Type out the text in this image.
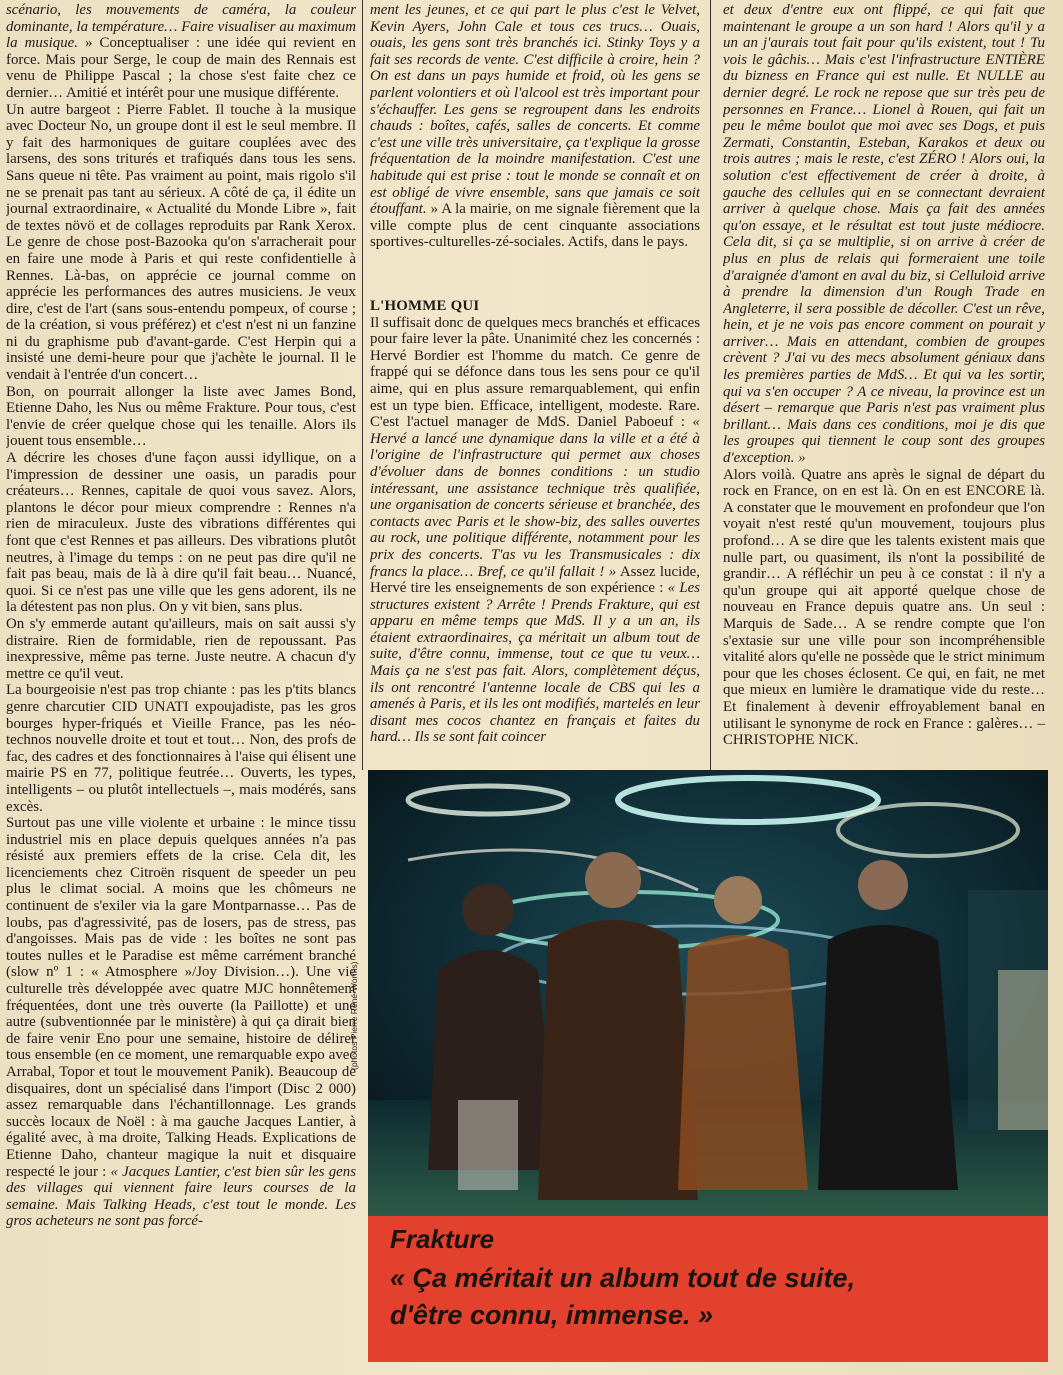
scénario, les mouvements de caméra, la couleur dominante, la température… Faire visualiser au maximum la musique. » Conceptualiser : une idée qui revient en force. Mais pour Serge, le coup de main des Rennais est venu de Philippe Pascal ; la chose s'est faite chez ce dernier… Amitié et intérêt pour une musique différente.

Un autre bargeot : Pierre Fablet. Il touche à la musique avec Docteur No, un groupe dont il est le seul membre. Il y fait des harmoniques de guitare couplées avec des larsens, des sons triturés et trafiqués dans tous les sens. Sans queue ni tête. Pas vraiment au point, mais rigolo s'il ne se prenait pas tant au sérieux. A côté de ça, il édite un journal extraordinaire, « Actualité du Monde Libre », fait de textes növö et de collages reproduits par Rank Xerox. Le genre de chose post-Bazooka qu'on s'arracherait pour en faire une mode à Paris et qui reste confidentielle à Rennes. Là-bas, on apprécie ce journal comme on apprécie les performances des autres musiciens. Je veux dire, c'est de l'art (sans sous-entendu pompeux, of course ; de la création, si vous préférez) et c'est n'est ni un fanzine ni du graphisme pub d'avant-garde. C'est Herpin qui a insisté une demi-heure pour que j'achète le journal. Il le vendait à l'entrée d'un concert…

Bon, on pourrait allonger la liste avec James Bond, Etienne Daho, les Nus ou même Frakture. Pour tous, c'est l'envie de créer quelque chose qui les tenaille. Alors ils jouent tous ensemble…

A décrire les choses d'une façon aussi idyllique, on a l'impression de dessiner une oasis, un paradis pour créateurs… Rennes, capitale de quoi vous savez. Alors, plantons le décor pour mieux comprendre : Rennes n'a rien de miraculeux. Juste des vibrations différentes qui font que c'est Rennes et pas ailleurs. Des vibrations plutôt neutres, à l'image du temps : on ne peut pas dire qu'il ne fait pas beau, mais de là à dire qu'il fait beau… Nuancé, quoi. Si ce n'est pas une ville que les gens adorent, ils ne la détestent pas non plus. On y vit bien, sans plus.

On s'y emmerde autant qu'ailleurs, mais on sait aussi s'y distraire. Rien de formidable, rien de repoussant. Pas inexpressive, même pas terne. Juste neutre. A chacun d'y mettre ce qu'il veut.

La bourgeoisie n'est pas trop chiante : pas les p'tits blancs genre charcutier CID UNATI expoujadiste, pas les gros bourges hyper-friqués et Vieille France, pas les néo-technos nouvelle droite et tout et tout… Non, des profs de fac, des cadres et des fonctionnaires à l'aise qui élisent une mairie PS en 77, politique feutrée… Ouverts, les types, intelligents – ou plutôt intellectuels –, mais modérés, sans excès.

Surtout pas une ville violente et urbaine : le mince tissu industriel mis en place depuis quelques années n'a pas résisté aux premiers effets de la crise. Cela dit, les licenciements chez Citroën risquent de speeder un peu plus le climat social. A moins que les chômeurs ne continuent de s'exiler via la gare Montparnasse… Pas de loubs, pas d'agressivité, pas de losers, pas de stress, pas d'angoisses. Mais pas de vide : les boîtes ne sont pas toutes nulles et le Paradise est même carrément branché (slow nº 1 : « Atmosphere »/Joy Division…). Une vie culturelle très développée avec quatre MJC honnêtement fréquentées, dont une très ouverte (la Paillotte) et une autre (subventionnée par le ministère) à qui ça dirait bien de faire venir Eno pour une semaine, histoire de délirer tous ensemble (en ce moment, une remarquable expo avec Arrabal, Topor et tout le mouvement Panik). Beaucoup de disquaires, dont un spécialisé dans l'import (Disc 2 000) assez remarquable dans l'échantillonnage. Les grands succès locaux de Noël : à ma gauche Jacques Lantier, à égalité avec, à ma droite, Talking Heads. Explications de Etienne Daho, chanteur magique la nuit et disquaire respecté le jour : « Jacques Lantier, c'est bien sûr les gens des villages qui viennent faire leurs courses de la semaine. Mais Talking Heads, c'est tout le monde. Les gros acheteurs ne sont pas forcé-

ment les jeunes, et ce qui part le plus c'est le Velvet, Kevin Ayers, John Cale et tous ces trucs… Ouais, ouais, les gens sont très branchés ici. Stinky Toys y a fait ses records de vente. C'est difficile à croire, hein ? On est dans un pays humide et froid, où les gens se parlent volontiers et où l'alcool est très important pour s'échauffer. Les gens se regroupent dans les endroits chauds : boîtes, cafés, salles de concerts. Et comme c'est une ville très universitaire, ça t'explique la grosse fréquentation de la moindre manifestation. C'est une habitude qui est prise : tout le monde se connaît et on est obligé de vivre ensemble, sans que jamais ce soit étouffant. » A la mairie, on me signale fièrement que la ville compte plus de cent cinquante associations sportives-culturelles-zé-sociales. Actifs, dans le pays.

L'HOMME QUI

Il suffisait donc de quelques mecs branchés et efficaces pour faire lever la pâte. Unanimité chez les concernés : Hervé Bordier est l'homme du match. Ce genre de frappé qui se défonce dans tous les sens pour ce qu'il aime, qui en plus assure remarquablement, qui enfin est un type bien. Efficace, intelligent, modeste. Rare. C'est l'actuel manager de MdS. Daniel Paboeuf : « Hervé a lancé une dynamique dans la ville et a été à l'origine de l'infrastructure qui permet aux choses d'évoluer dans de bonnes conditions : un studio intéressant, une assistance technique très qualifiée, une organisation de concerts sérieuse et branchée, des contacts avec Paris et le show-biz, des salles ouvertes au rock, une politique différente, notamment pour les prix des concerts. T'as vu les Transmusicales : dix francs la place… Bref, ce qu'il fallait ! » Assez lucide, Hervé tire les enseignements de son expérience : « Les structures existent ? Arrête ! Prends Frakture, qui est apparu en même temps que MdS. Il y a un an, ils étaient extraordinaires, ça méritait un album tout de suite, d'être connu, immense, tout ce que tu veux… Mais ça ne s'est pas fait. Alors, complètement déçus, ils ont rencontré l'antenne locale de CBS qui les a amenés à Paris, et ils les ont modifiés, martelés en leur disant mes cocos chantez en français et faites du hard… Ils se sont fait coincer

et deux d'entre eux ont flippé, ce qui fait que maintenant le groupe a un son hard ! Alors qu'il y a un an j'aurais tout fait pour qu'ils existent, tout ! Tu vois le gâchis… Mais c'est l'infrastructure ENTIÈRE du bizness en France qui est nulle. Et NULLE au dernier degré. Le rock ne repose que sur très peu de personnes en France… Lionel à Rouen, qui fait un peu le même boulot que moi avec ses Dogs, et puis Zermati, Constantin, Esteban, Karakos et deux ou trois autres ; mais le reste, c'est ZÉRO ! Alors oui, la solution c'est effectivement de créer à droite, à gauche des cellules qui en se connectant devraient arriver à quelque chose. Mais ça fait des années qu'on essaye, et le résultat est tout juste médiocre. Cela dit, si ça se multiplie, si on arrive à créer de plus en plus de relais qui formeraient une toile d'araignée d'amont en aval du biz, si Celluloid arrive à prendre la dimension d'un Rough Trade en Angleterre, il sera possible de décoller. C'est un rêve, hein, et je ne vois pas encore comment on pourait y arriver… Mais en attendant, combien de groupes crèvent ? J'ai vu des mecs absolument géniaux dans les premières parties de MdS… Et qui va les sortir, qui va s'en occuper ? A ce niveau, la province est un désert – remarque que Paris n'est pas vraiment plus brillant… Mais dans ces conditions, moi je dis que les groupes qui tiennent le coup sont des groupes d'exception. »

Alors voilà. Quatre ans après le signal de départ du rock en France, on en est là. On en est ENCORE là. A constater que le mouvement en profondeur que l'on voyait n'est resté qu'un mouvement, toujours plus profond… A se dire que les talents existent mais que nulle part, ou quasiment, ils n'ont la possibilité de grandir… A réfléchir un peu à ce constat : il n'y a qu'un groupe qui ait apporté quelque chose de nouveau en France depuis quatre ans. Un seul : Marquis de Sade… A se rendre compte que l'on s'extasie sur une ville pour son incompréhensible vitalité alors qu'elle ne possède que le strict minimum pour que les choses éclosent. Ce qui, en fait, ne met que mieux en lumière le dramatique vide du reste… Et finalement à devenir effroyablement banal en utilisant le synonyme de rock en France : galères… – CHRISTOPHE NICK.

(photos Pierre René-Worms)
Frakture
« Ça méritait un album tout de suite,
d'être connu, immense. »
